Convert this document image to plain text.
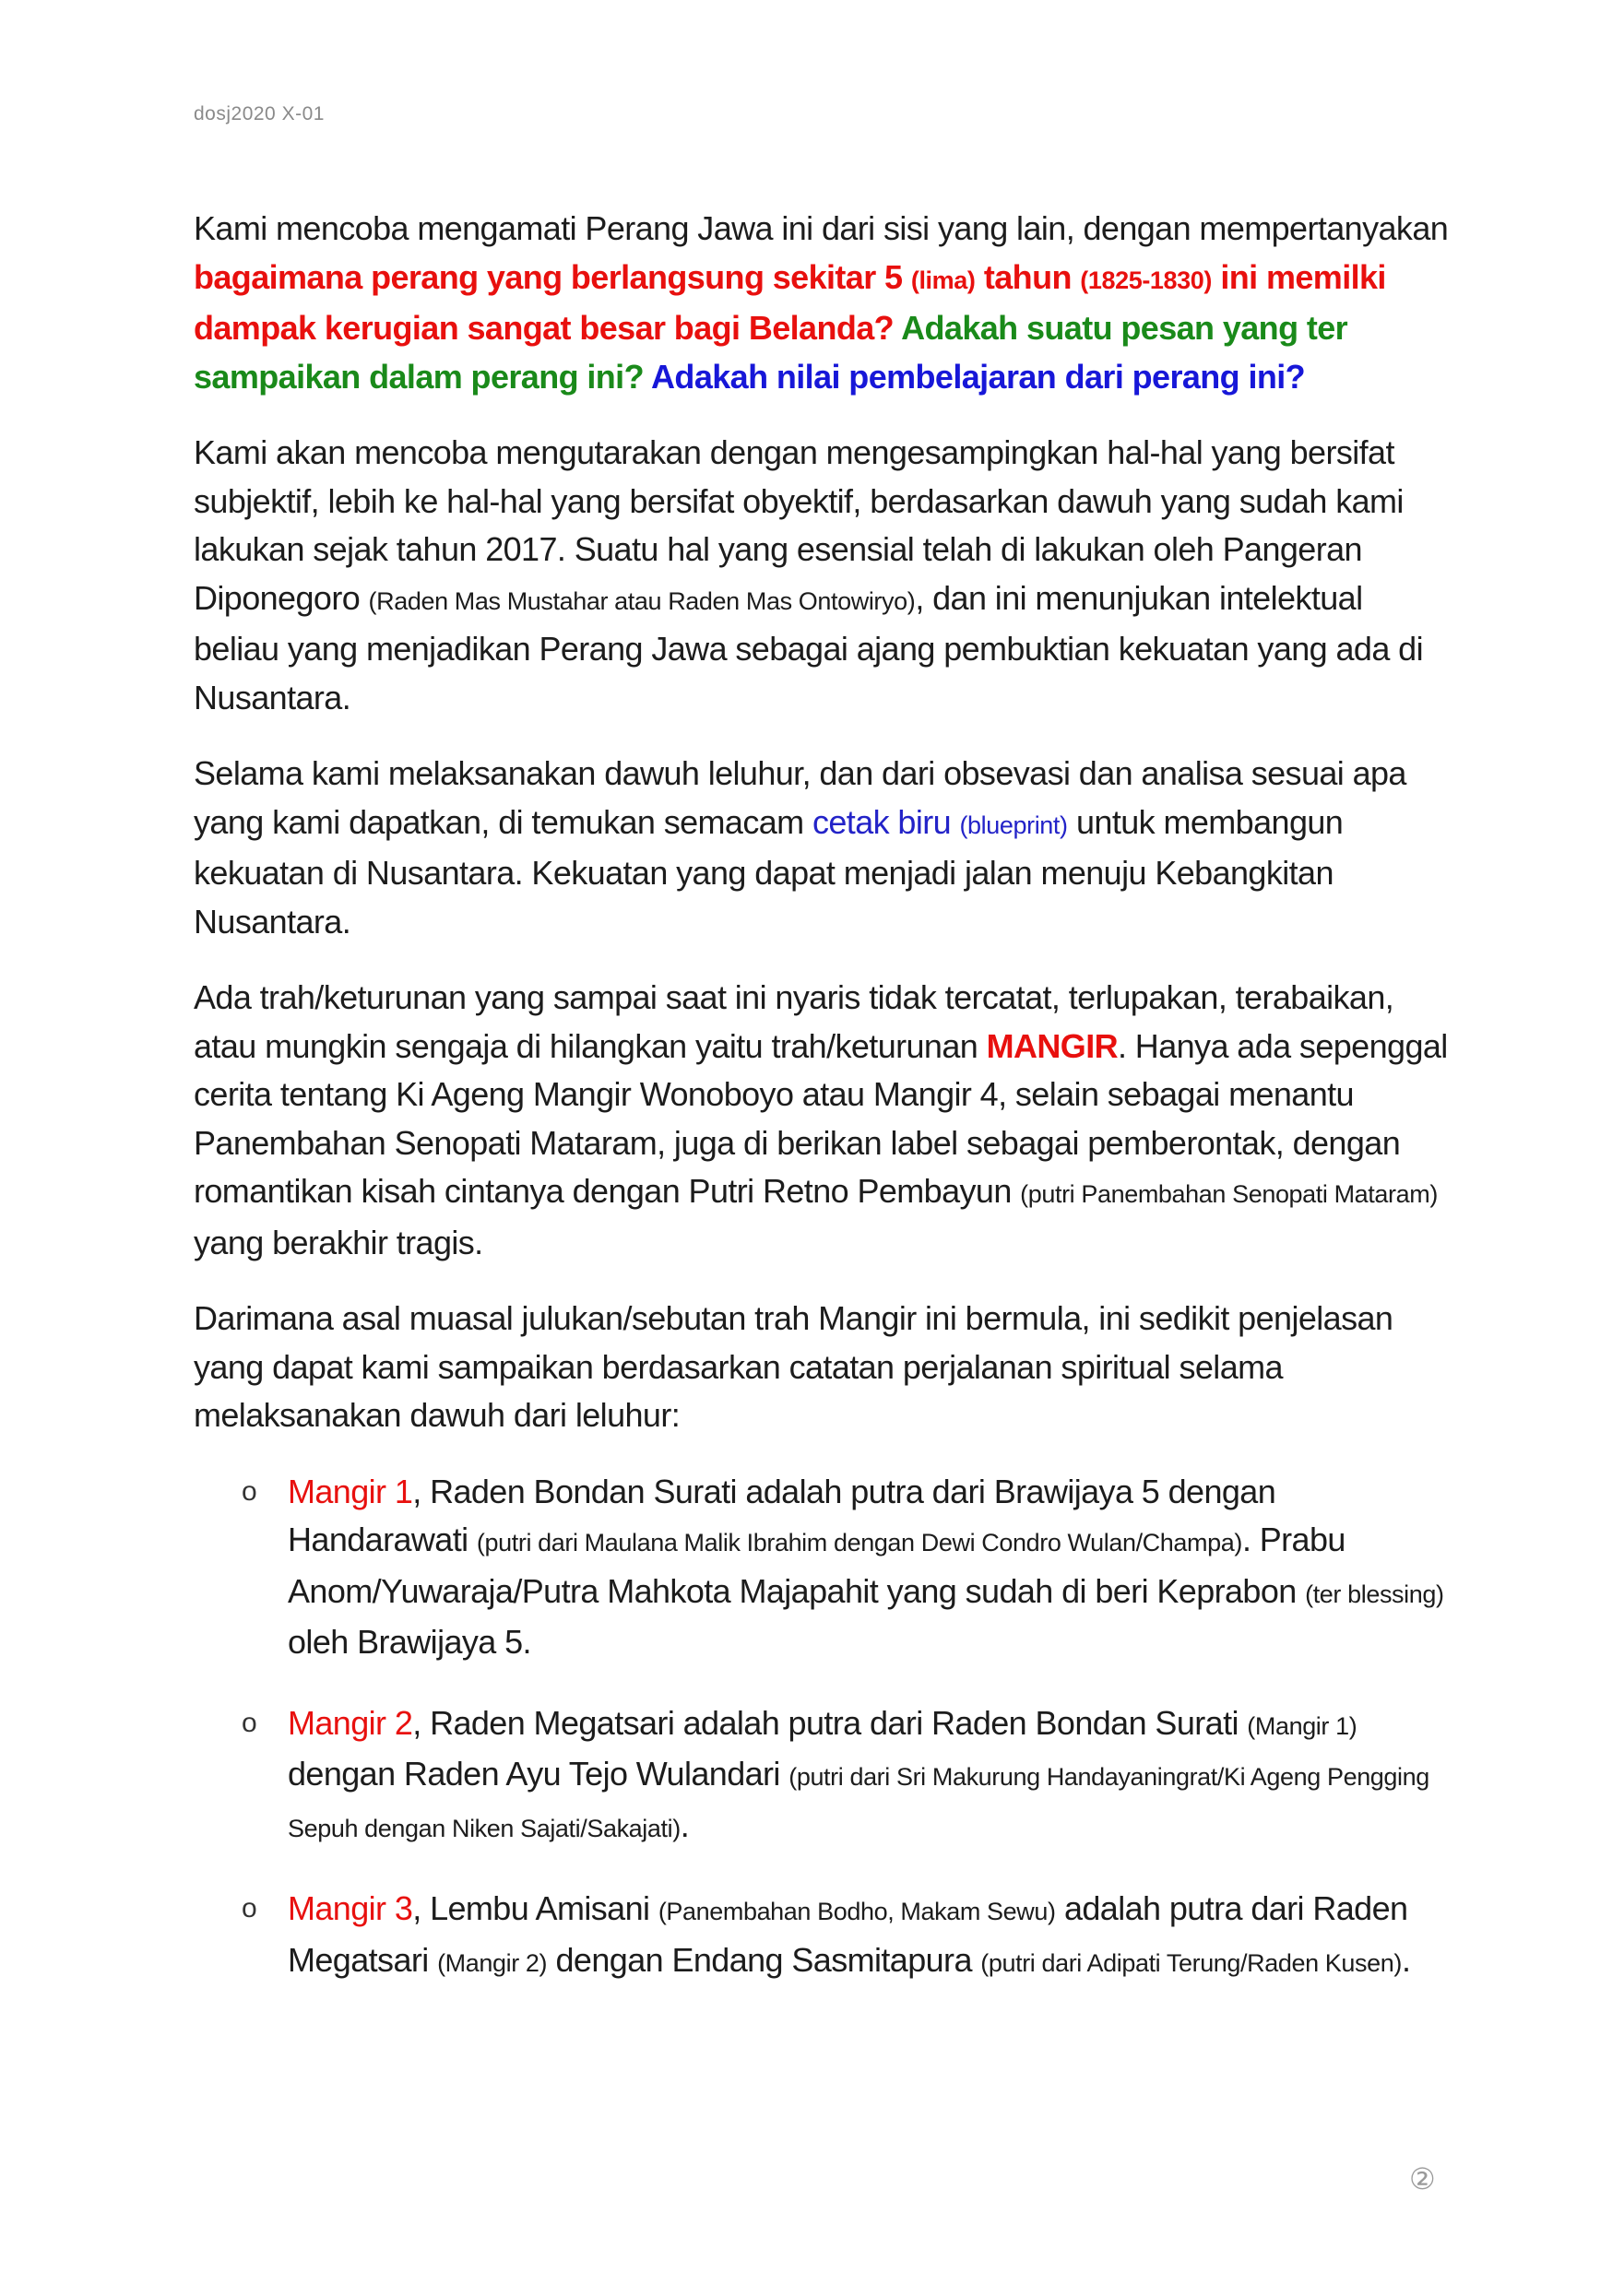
dosj2020 X-01

Kami mencoba mengamati Perang Jawa ini dari sisi yang lain, dengan mempertanyakan bagaimana perang yang berlangsung sekitar 5 (lima) tahun (1825-1830) ini memilki dampak kerugian sangat besar bagi Belanda? Adakah suatu pesan yang ter sampaikan dalam perang ini? Adakah nilai pembelajaran dari perang ini?

Kami akan mencoba mengutarakan dengan mengesampingkan hal-hal yang bersifat subjektif, lebih ke hal-hal yang bersifat obyektif, berdasarkan dawuh yang sudah kami lakukan sejak tahun 2017. Suatu hal yang esensial telah di lakukan oleh Pangeran Diponegoro (Raden Mas Mustahar atau Raden Mas Ontowiryo), dan ini menunjukan intelektual beliau yang menjadikan Perang Jawa sebagai ajang pembuktian kekuatan yang ada di Nusantara.

Selama kami melaksanakan dawuh leluhur, dan dari obsevasi dan analisa sesuai apa yang kami dapatkan, di temukan semacam cetak biru (blueprint) untuk membangun kekuatan di Nusantara. Kekuatan yang dapat menjadi jalan menuju Kebangkitan Nusantara.

Ada trah/keturunan yang sampai saat ini nyaris tidak tercatat, terlupakan, terabaikan, atau mungkin sengaja di hilangkan yaitu trah/keturunan MANGIR. Hanya ada sepenggal cerita tentang Ki Ageng Mangir Wonoboyo atau Mangir 4, selain sebagai menantu Panembahan Senopati Mataram, juga di berikan label sebagai pemberontak, dengan romantikan kisah cintanya dengan Putri Retno Pembayun (putri Panembahan Senopati Mataram) yang berakhir tragis.

Darimana asal muasal julukan/sebutan trah Mangir ini bermula, ini sedikit penjelasan yang dapat kami sampaikan berdasarkan catatan perjalanan spiritual selama melaksanakan dawuh dari leluhur:

o Mangir 1, Raden Bondan Surati adalah putra dari Brawijaya 5 dengan Handarawati (putri dari Maulana Malik Ibrahim dengan Dewi Condro Wulan/Champa). Prabu Anom/Yuwaraja/Putra Mahkota Majapahit yang sudah di beri Keprabon (ter blessing) oleh Brawijaya 5.
o Mangir 2, Raden Megatsari adalah putra dari Raden Bondan Surati (Mangir 1) dengan Raden Ayu Tejo Wulandari (putri dari Sri Makurung Handayaningrat/Ki Ageng Pengging Sepuh dengan Niken Sajati/Sakajati).
o Mangir 3, Lembu Amisani (Panembahan Bodho, Makam Sewu) adalah putra dari Raden Megatsari (Mangir 2) dengan Endang Sasmitapura (putri dari Adipati Terung/Raden Kusen).
②
